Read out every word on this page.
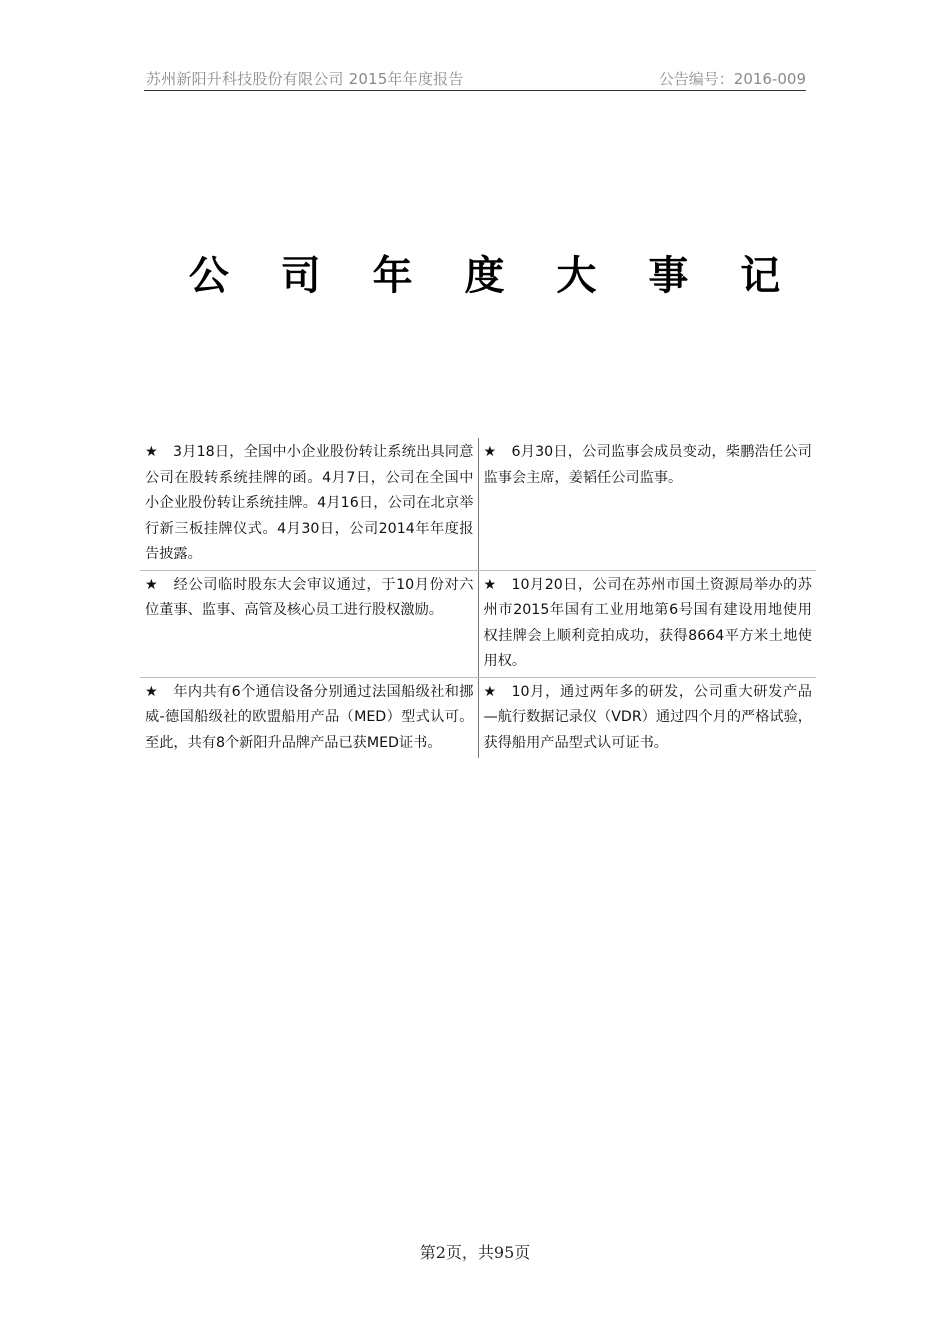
苏州新阳升科技股份有限公司 2015年年度报告	公告编号：2016-009
公 司 年 度 大 事 记
★ 3月18日，全国中小企业股份转让系统出具同意公司在股转系统挂牌的函。4月7日，公司在全国中小企业股份转让系统挂牌。4月16日，公司在北京举行新三板挂牌仪式。4月30日，公司2014年年度报告披露。	★ 6月30日，公司监事会成员变动，柴鹏浩任公司监事会主席，姜韬任公司监事。
★ 经公司临时股东大会审议通过，于10月份对六位董事、监事、高管及核心员工进行股权激励。	★ 10月20日，公司在苏州市国土资源局举办的苏州市2015年国有工业用地第6号国有建设用地使用权挂牌会上顺利竞拍成功，获得8664平方米土地使用权。
★ 年内共有6个通信设备分别通过法国船级社和挪威-德国船级社的欧盟船用产品（MED）型式认可。至此，共有8个新阳升品牌产品已获MED证书。	★ 10月，通过两年多的研发，公司重大研发产品—航行数据记录仪（VDR）通过四个月的严格试验，获得船用产品型式认可证书。
第2页，共95页
